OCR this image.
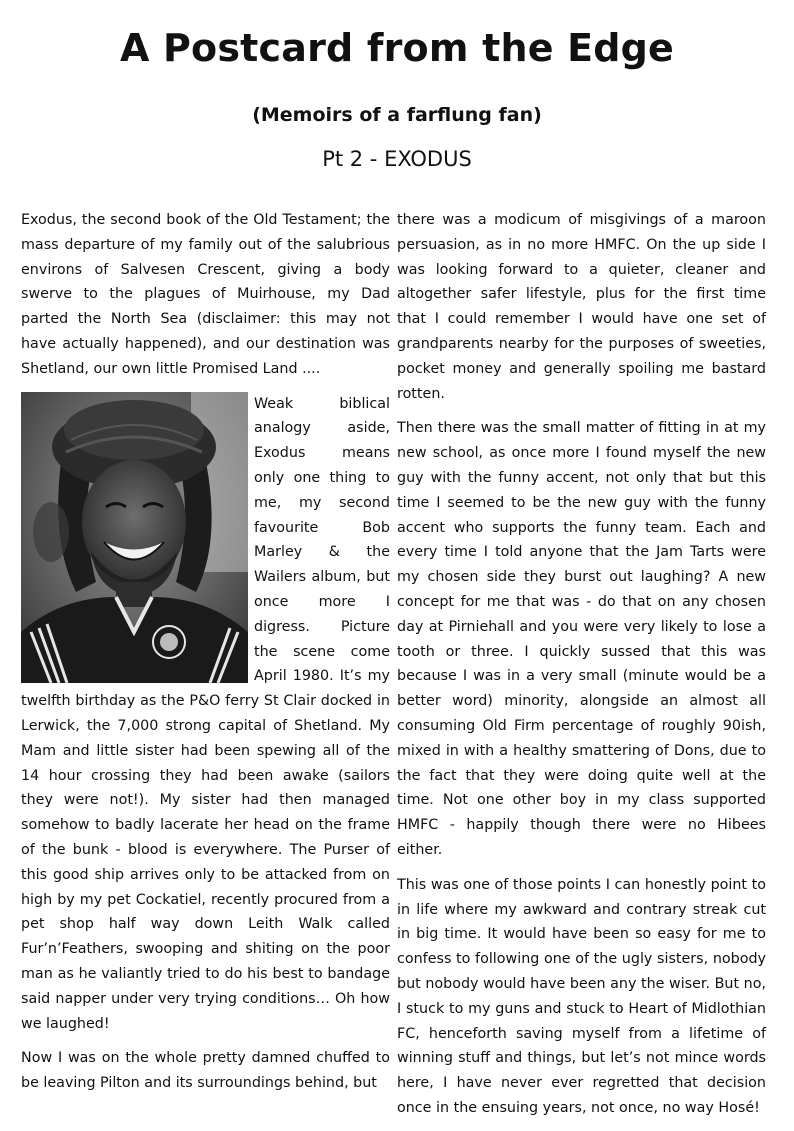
A Postcard from the Edge
(Memoirs of a farflung fan)
Pt 2 - EXODUS

Exodus, the second book of the Old Testament; the mass departure of my family out of the salubrious environs of Salvesen Crescent, giving a body swerve to the plagues of Muirhouse, my Dad parted the North Sea (disclaimer: this may not have actually happened), and our destination was Shetland, our own little Promised Land ....

Weak biblical analogy aside, Exodus means only one thing to me, my second favourite Bob Marley & the Wailers album, but once more I digress. Picture the scene come April 1980. It’s my twelfth birthday as the P&O ferry St Clair docked in Lerwick, the 7,000 strong capital of Shetland. My Mam and little sister had been spewing all of the 14 hour crossing they had been awake (sailors they were not!). My sister had then managed somehow to badly lacerate her head on the frame of the bunk - blood is everywhere. The Purser of this good ship arrives only to be attacked from on high by my pet Cockatiel, recently procured from a pet shop half way down Leith Walk called Fur’n’Feathers, swooping and shiting on the poor man as he valiantly tried to do his best to bandage said napper under very trying conditions… Oh how we laughed!

Now I was on the whole pretty damned chuffed to be leaving Pilton and its surroundings behind, but

there was a modicum of misgivings of a maroon persuasion, as in no more HMFC. On the up side I was looking forward to a quieter, cleaner and altogether safer lifestyle, plus for the first time that I could remember I would have one set of grandparents nearby for the purposes of sweeties, pocket money and generally spoiling me bastard rotten.

Then there was the small matter of fitting in at my new school, as once more I found myself the new guy with the funny accent, not only that but this time I seemed to be the new guy with the funny accent who supports the funny team. Each and every time I told anyone that the Jam Tarts were my chosen side they burst out laughing? A new concept for me that was - do that on any chosen day at Pirniehall and you were very likely to lose a tooth or three. I quickly sussed that this was because I was in a very small (minute would be a better word) minority, alongside an almost all consuming Old Firm percentage of roughly 90ish, mixed in with a healthy smattering of Dons, due to the fact that they were doing quite well at the time. Not one other boy in my class supported HMFC - happily though there were no Hibees either.

This was one of those points I can honestly point to in life where my awkward and contrary streak cut in big time. It would have been so easy for me to confess to following one of the ugly sisters, nobody but nobody would have been any the wiser. But no, I stuck to my guns and stuck to Heart of Midlothian FC, henceforth saving myself from a lifetime of winning stuff and things, but let’s not mince words here, I have never ever regretted that decision once in the ensuing years, not once, no way Hosé!
